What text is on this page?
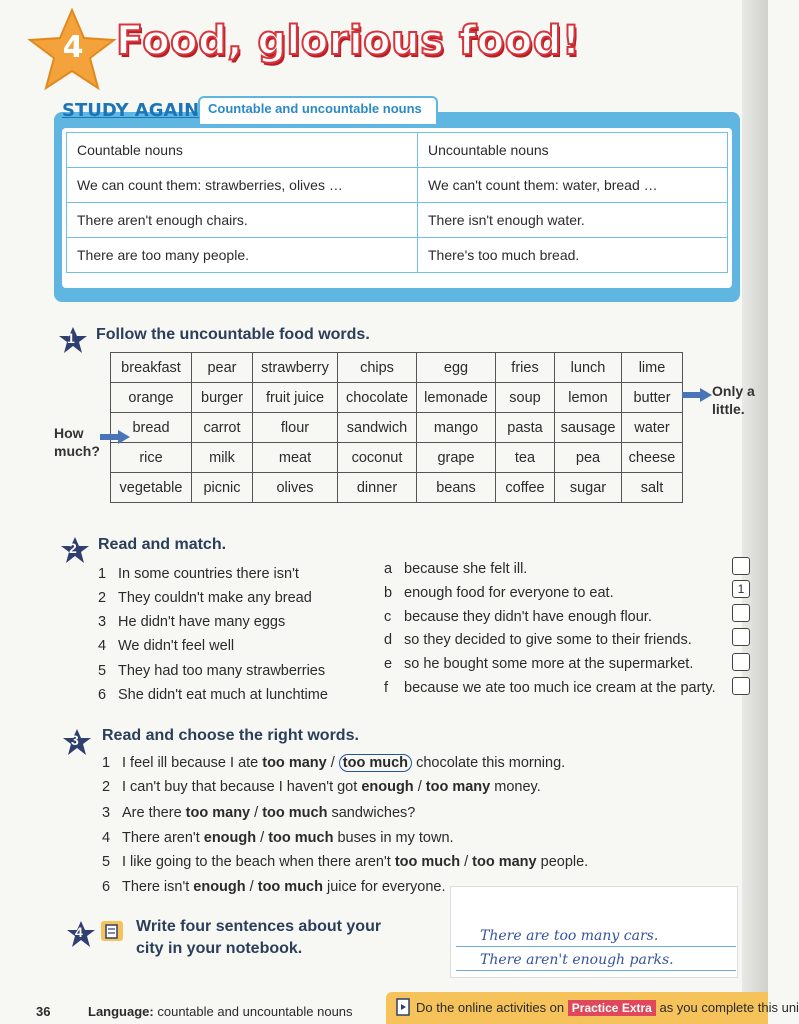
4 Food, glorious food!
STUDY AGAIN Countable and uncountable nouns
Countable nouns	Uncountable nouns
We can count them: strawberries, olives …	We can't count them: water, bread …
There aren't enough chairs.	There isn't enough water.
There are too many people.	There's too much bread.
1 Follow the uncountable food words.
breakfast	pear	strawberry	chips	egg	fries	lunch	lime
orange	burger	fruit juice	chocolate	lemonade	soup	lemon	butter
bread	carrot	flour	sandwich	mango	pasta	sausage	water
rice	milk	meat	coconut	grape	tea	pea	cheese
vegetable	picnic	olives	dinner	beans	coffee	sugar	salt
How much?
Only a little.
2 Read and match.
1 In some countries there isn't
2 They couldn't make any bread
3 He didn't have many eggs
4 We didn't feel well
5 They had too many strawberries
6 She didn't eat much at lunchtime
a because she felt ill.
b enough food for everyone to eat.
c because they didn't have enough flour.
d so they decided to give some to their friends.
e so he bought some more at the supermarket.
f because we ate too much ice cream at the party.
1
3 Read and choose the right words.
1 I feel ill because I ate too many / too much chocolate this morning.
2 I can't buy that because I haven't got enough / too many money.
3 Are there too many / too much sandwiches?
4 There aren't enough / too much buses in my town.
5 I like going to the beach when there aren't too much / too many people.
6 There isn't enough / too much juice for everyone.
4	Write four sentences about your
city in your notebook.
There are too many cars.
There aren't enough parks.
36	Language: countable and uncountable nouns	Do the online activities on Practice Extra as you complete this uni
